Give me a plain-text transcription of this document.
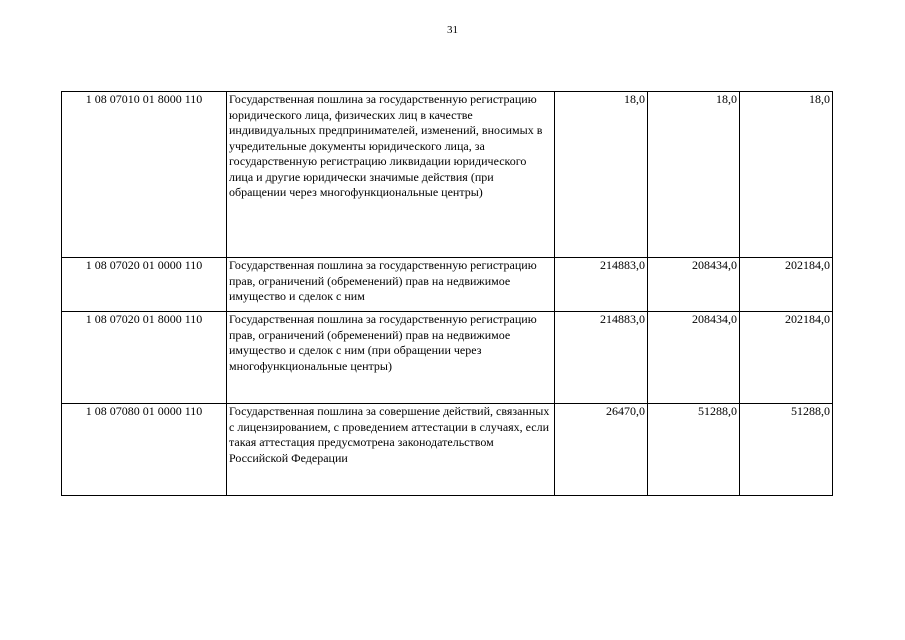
31
1 08 07010 01 8000 110	Государственная пошлина за государственную регистрацию юридического лица, физических лиц в качестве индивидуальных предпринимателей, изменений, вносимых в учредительные документы юридического лица, за государственную регистрацию ликвидации юридического лица и другие юридически значимые действия (при обращении через многофункциональные центры)	18,0	18,0	18,0
1 08 07020 01 0000 110	Государственная пошлина за государственную регистрацию прав, ограничений (обременений) прав на недвижимое имущество и сделок с ним	214883,0	208434,0	202184,0
1 08 07020 01 8000 110	Государственная пошлина за государственную регистрацию прав, ограничений (обременений) прав на недвижимое имущество и сделок с ним (при обращении через многофункциональные центры)	214883,0	208434,0	202184,0
1 08 07080 01 0000 110	Государственная пошлина за совершение действий, связанных с лицензированием, с проведением аттестации в случаях, если такая аттестация предусмотрена законодательством Российской Федерации	26470,0	51288,0	51288,0
